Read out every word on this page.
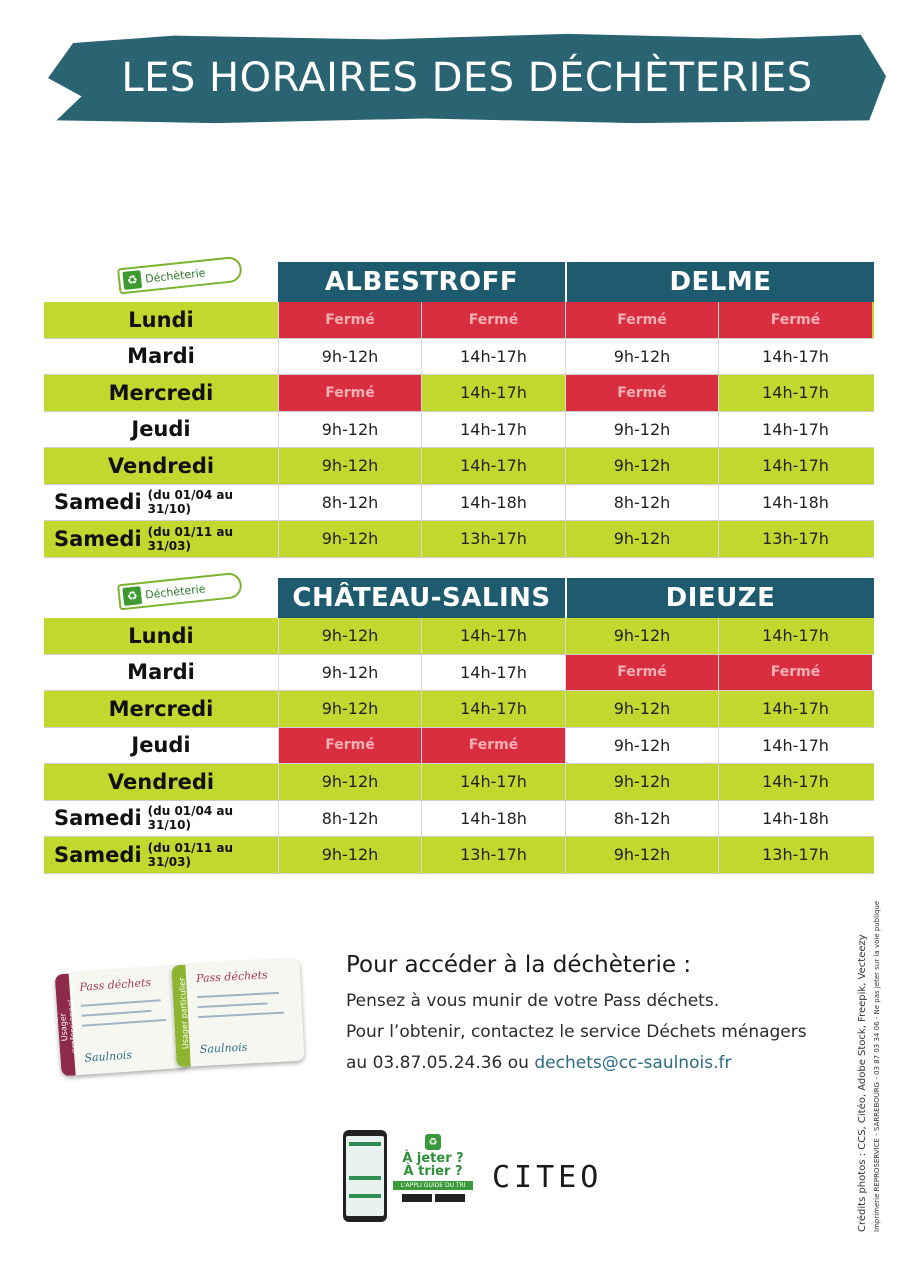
LES HORAIRES DES DÉCHÈTERIES
♻ Déchèterie	ALBESTROFF	DELME
Lundi	Fermé	Fermé	Fermé	Fermé
Mardi	9h-12h	14h-17h	9h-12h	14h-17h
Mercredi	Fermé	14h-17h	Fermé	14h-17h
Jeudi	9h-12h	14h-17h	9h-12h	14h-17h
Vendredi	9h-12h	14h-17h	9h-12h	14h-17h
Samedi (du 01/04 au 31/10)	8h-12h	14h-18h	8h-12h	14h-18h
Samedi (du 01/11 au 31/03)	9h-12h	13h-17h	9h-12h	13h-17h
♻ Déchèterie	CHÂTEAU-SALINS	DIEUZE
Lundi	9h-12h	14h-17h	9h-12h	14h-17h
Mardi	9h-12h	14h-17h	Fermé	Fermé
Mercredi	9h-12h	14h-17h	9h-12h	14h-17h
Jeudi	Fermé	Fermé	9h-12h	14h-17h
Vendredi	9h-12h	14h-17h	9h-12h	14h-17h
Samedi (du 01/04 au 31/10)	8h-12h	14h-18h	8h-12h	14h-18h
Samedi (du 01/11 au 31/03)	9h-12h	13h-17h	9h-12h	13h-17h
Usager professionnel
Pass déchets
Saulnois
Usager particulier
Pass déchets
Saulnois
Pour accéder à la déchèterie :
Pensez à vous munir de votre Pass déchets.
Pour l’obtenir, contactez le service Déchets ménagers
au 03.87.05.24.36 ou dechets@cc-saulnois.fr
♻
À jeter ?
À trier ?
L'APPLI GUIDE DU TRI CITEO	Crédits photos : CCS, Citéo, Adobe Stock, Freepik, Vecteezy Imprimerie REPROSERVICE - SARREBOURG - 03 87 03 34 06 - Ne pas jeter sur la voie publique
